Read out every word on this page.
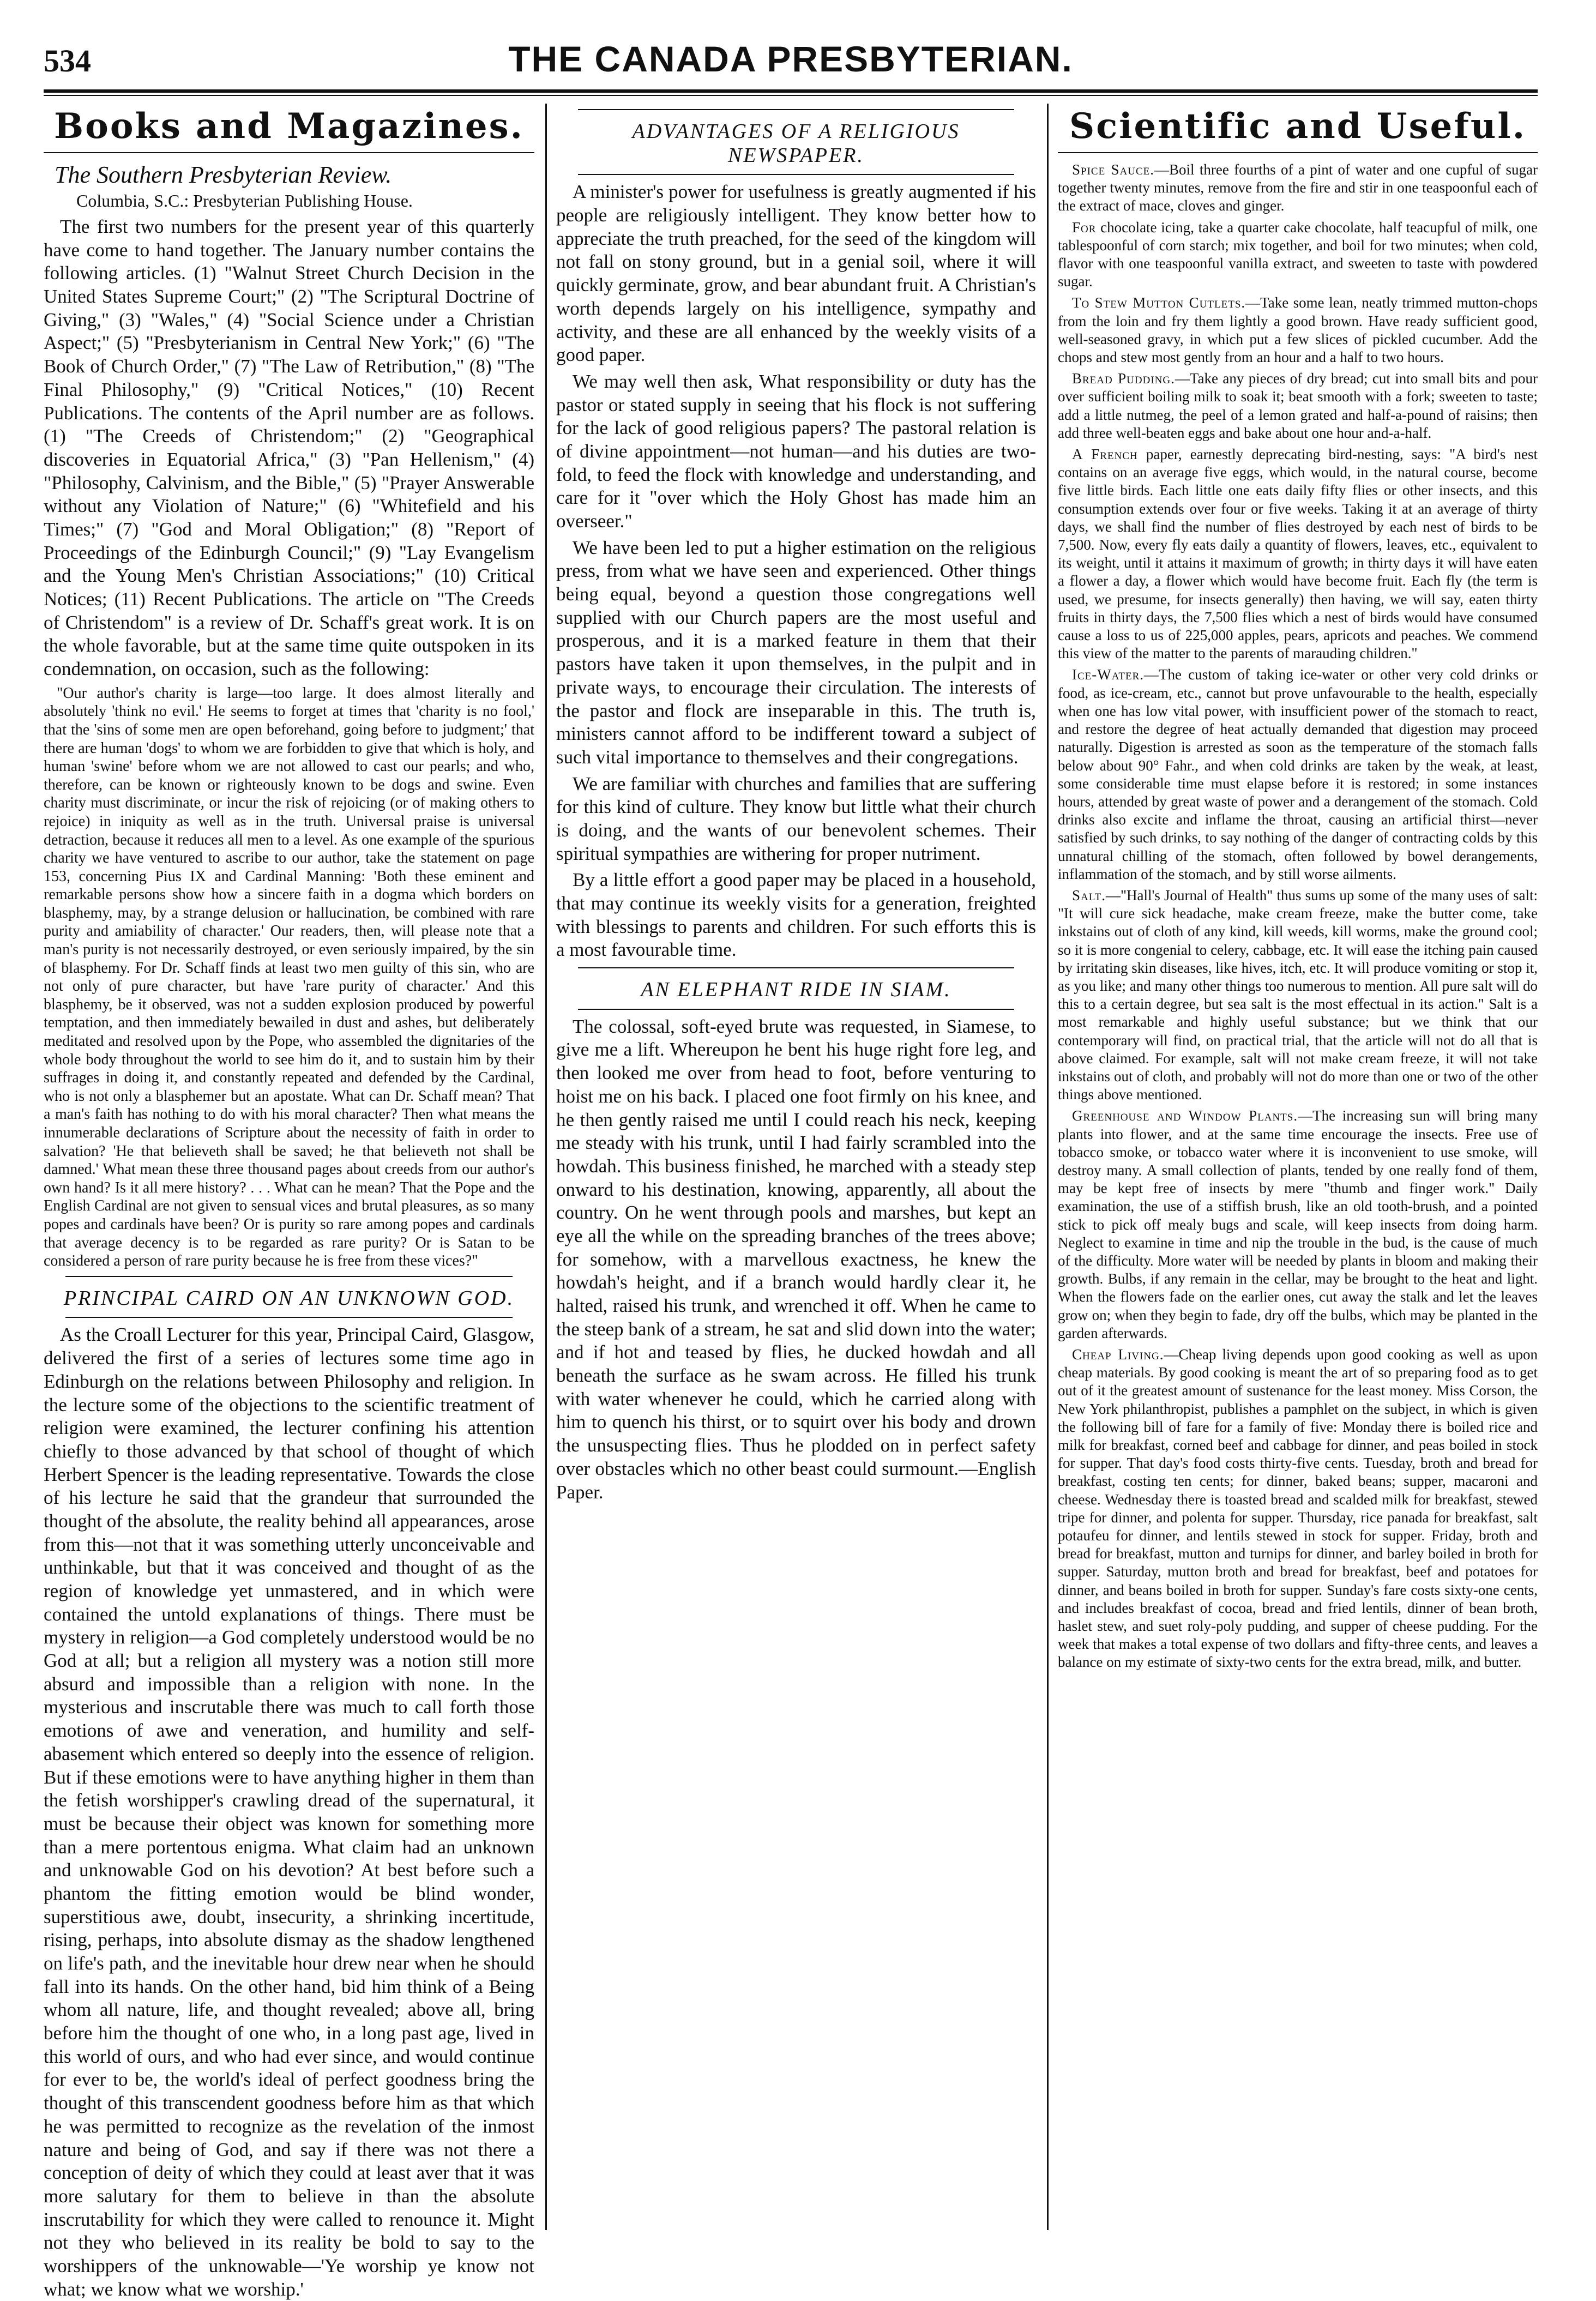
534	THE CANADA PRESBYTERIAN.
Books and Magazines.
The Southern Presbyterian Review.
Columbia, S.C.: Presbyterian Publishing House.

The first two numbers for the present year of this quarterly have come to hand together. The January number contains the following articles. (1) "Walnut Street Church Decision in the United States Supreme Court;" (2) "The Scriptural Doctrine of Giving," (3) "Wales," (4) "Social Science under a Christian Aspect;" (5) "Presbyterianism in Central New York;" (6) "The Book of Church Order," (7) "The Law of Retribution," (8) "The Final Philosophy," (9) "Critical Notices," (10) Recent Publications. The contents of the April number are as follows. (1) "The Creeds of Christendom;" (2) "Geographical discoveries in Equatorial Africa," (3) "Pan Hellenism," (4) "Philosophy, Calvinism, and the Bible," (5) "Prayer Answerable without any Violation of Nature;" (6) "Whitefield and his Times;" (7) "God and Moral Obligation;" (8) "Report of Proceedings of the Edinburgh Council;" (9) "Lay Evangelism and the Young Men's Christian Associations;" (10) Critical Notices; (11) Recent Publications. The article on "The Creeds of Christendom" is a review of Dr. Schaff's great work. It is on the whole favorable, but at the same time quite outspoken in its condemnation, on occasion, such as the following:

"Our author's charity is large—too large. It does almost literally and absolutely 'think no evil.' He seems to forget at times that 'charity is no fool,' that the 'sins of some men are open beforehand, going before to judgment;' that there are human 'dogs' to whom we are forbidden to give that which is holy, and human 'swine' before whom we are not allowed to cast our pearls; and who, therefore, can be known or righteously known to be dogs and swine. Even charity must discriminate, or incur the risk of rejoicing (or of making others to rejoice) in iniquity as well as in the truth. Universal praise is universal detraction, because it reduces all men to a level. As one example of the spurious charity we have ventured to ascribe to our author, take the statement on page 153, concerning Pius IX and Cardinal Manning: 'Both these eminent and remarkable persons show how a sincere faith in a dogma which borders on blasphemy, may, by a strange delusion or hallucination, be combined with rare purity and amiability of character.' Our readers, then, will please note that a man's purity is not necessarily destroyed, or even seriously impaired, by the sin of blasphemy. For Dr. Schaff finds at least two men guilty of this sin, who are not only of pure character, but have 'rare purity of character.' And this blasphemy, be it observed, was not a sudden explosion produced by powerful temptation, and then immediately bewailed in dust and ashes, but deliberately meditated and resolved upon by the Pope, who assembled the dignitaries of the whole body throughout the world to see him do it, and to sustain him by their suffrages in doing it, and constantly repeated and defended by the Cardinal, who is not only a blasphemer but an apostate. What can Dr. Schaff mean? That a man's faith has nothing to do with his moral character? Then what means the innumerable declarations of Scripture about the necessity of faith in order to salvation? 'He that believeth shall be saved; he that believeth not shall be damned.' What mean these three thousand pages about creeds from our author's own hand? Is it all mere history? . . . What can he mean? That the Pope and the English Cardinal are not given to sensual vices and brutal pleasures, as so many popes and cardinals have been? Or is purity so rare among popes and cardinals that average decency is to be regarded as rare purity? Or is Satan to be considered a person of rare purity because he is free from these vices?"

PRINCIPAL CAIRD ON AN UNKNOWN GOD.

As the Croall Lecturer for this year, Principal Caird, Glasgow, delivered the first of a series of lectures some time ago in Edinburgh on the relations between Philosophy and religion. In the lecture some of the objections to the scientific treatment of religion were examined, the lecturer confining his attention chiefly to those advanced by that school of thought of which Herbert Spencer is the leading representative. Towards the close of his lecture he said that the grandeur that surrounded the thought of the absolute, the reality behind all appearances, arose from this—not that it was something utterly unconceivable and unthinkable, but that it was conceived and thought of as the region of knowledge yet unmastered, and in which were contained the untold explanations of things. There must be mystery in religion—a God completely understood would be no God at all; but a religion all mystery was a notion still more absurd and impossible than a religion with none. In the mysterious and inscrutable there was much to call forth those emotions of awe and veneration, and humility and self-abasement which entered so deeply into the essence of religion. But if these emotions were to have anything higher in them than the fetish worshipper's crawling dread of the supernatural, it must be because their object was known for something more than a mere portentous enigma. What claim had an unknown and unknowable God on his devotion? At best before such a phantom the fitting emotion would be blind wonder, superstitious awe, doubt, insecurity, a shrinking incertitude, rising, perhaps, into absolute dismay as the shadow lengthened on life's path, and the inevitable hour drew near when he should fall into its hands. On the other hand, bid him think of a Being whom all nature, life, and thought revealed; above all, bring before him the thought of one who, in a long past age, lived in this world of ours, and who had ever since, and would continue for ever to be, the world's ideal of perfect goodness bring the thought of this transcendent goodness before him as that which he was permitted to recognize as the revelation of the inmost nature and being of God, and say if there was not there a conception of deity of which they could at least aver that it was more salutary for them to believe in than the absolute inscrutability for which they were called to renounce it. Might not they who believed in its reality be bold to say to the worshippers of the unknowable—'Ye worship ye know not what; we know what we worship.'

ADVANTAGES OF A RELIGIOUS NEWSPAPER.

A minister's power for usefulness is greatly augmented if his people are religiously intelligent. They know better how to appreciate the truth preached, for the seed of the kingdom will not fall on stony ground, but in a genial soil, where it will quickly germinate, grow, and bear abundant fruit. A Christian's worth depends largely on his intelligence, sympathy and activity, and these are all enhanced by the weekly visits of a good paper.

We may well then ask, What responsibility or duty has the pastor or stated supply in seeing that his flock is not suffering for the lack of good religious papers? The pastoral relation is of divine appointment—not human—and his duties are two-fold, to feed the flock with knowledge and understanding, and care for it "over which the Holy Ghost has made him an overseer."

We have been led to put a higher estimation on the religious press, from what we have seen and experienced. Other things being equal, beyond a question those congregations well supplied with our Church papers are the most useful and prosperous, and it is a marked feature in them that their pastors have taken it upon themselves, in the pulpit and in private ways, to encourage their circulation. The interests of the pastor and flock are inseparable in this. The truth is, ministers cannot afford to be indifferent toward a subject of such vital importance to themselves and their congregations.

We are familiar with churches and families that are suffering for this kind of culture. They know but little what their church is doing, and the wants of our benevolent schemes. Their spiritual sympathies are withering for proper nutriment.

By a little effort a good paper may be placed in a household, that may continue its weekly visits for a generation, freighted with blessings to parents and children. For such efforts this is a most favourable time.

AN ELEPHANT RIDE IN SIAM.

The colossal, soft-eyed brute was requested, in Siamese, to give me a lift. Whereupon he bent his huge right fore leg, and then looked me over from head to foot, before venturing to hoist me on his back. I placed one foot firmly on his knee, and he then gently raised me until I could reach his neck, keeping me steady with his trunk, until I had fairly scrambled into the howdah. This business finished, he marched with a steady step onward to his destination, knowing, apparently, all about the country. On he went through pools and marshes, but kept an eye all the while on the spreading branches of the trees above; for somehow, with a marvellous exactness, he knew the howdah's height, and if a branch would hardly clear it, he halted, raised his trunk, and wrenched it off. When he came to the steep bank of a stream, he sat and slid down into the water; and if hot and teased by flies, he ducked howdah and all beneath the surface as he swam across. He filled his trunk with water whenever he could, which he carried along with him to quench his thirst, or to squirt over his body and drown the unsuspecting flies. Thus he plodded on in perfect safety over obstacles which no other beast could surmount.—English Paper.

Scientific and Useful.

Spice Sauce.—Boil three fourths of a pint of water and one cupful of sugar together twenty minutes, remove from the fire and stir in one teaspoonful each of the extract of mace, cloves and ginger.

For chocolate icing, take a quarter cake chocolate, half teacupful of milk, one tablespoonful of corn starch; mix together, and boil for two minutes; when cold, flavor with one teaspoonful vanilla extract, and sweeten to taste with powdered sugar.

To Stew Mutton Cutlets.—Take some lean, neatly trimmed mutton-chops from the loin and fry them lightly a good brown. Have ready sufficient good, well-seasoned gravy, in which put a few slices of pickled cucumber. Add the chops and stew most gently from an hour and a half to two hours.

Bread Pudding.—Take any pieces of dry bread; cut into small bits and pour over sufficient boiling milk to soak it; beat smooth with a fork; sweeten to taste; add a little nutmeg, the peel of a lemon grated and half-a-pound of raisins; then add three well-beaten eggs and bake about one hour and-a-half.

A French paper, earnestly deprecating bird-nesting, says: "A bird's nest contains on an average five eggs, which would, in the natural course, become five little birds. Each little one eats daily fifty flies or other insects, and this consumption extends over four or five weeks. Taking it at an average of thirty days, we shall find the number of flies destroyed by each nest of birds to be 7,500. Now, every fly eats daily a quantity of flowers, leaves, etc., equivalent to its weight, until it attains it maximum of growth; in thirty days it will have eaten a flower a day, a flower which would have become fruit. Each fly (the term is used, we presume, for insects generally) then having, we will say, eaten thirty fruits in thirty days, the 7,500 flies which a nest of birds would have consumed cause a loss to us of 225,000 apples, pears, apricots and peaches. We commend this view of the matter to the parents of marauding children."

Ice-Water.—The custom of taking ice-water or other very cold drinks or food, as ice-cream, etc., cannot but prove unfavourable to the health, especially when one has low vital power, with insufficient power of the stomach to react, and restore the degree of heat actually demanded that digestion may proceed naturally. Digestion is arrested as soon as the temperature of the stomach falls below about 90° Fahr., and when cold drinks are taken by the weak, at least, some considerable time must elapse before it is restored; in some instances hours, attended by great waste of power and a derangement of the stomach. Cold drinks also excite and inflame the throat, causing an artificial thirst—never satisfied by such drinks, to say nothing of the danger of contracting colds by this unnatural chilling of the stomach, often followed by bowel derangements, inflammation of the stomach, and by still worse ailments.

Salt.—"Hall's Journal of Health" thus sums up some of the many uses of salt: "It will cure sick headache, make cream freeze, make the butter come, take inkstains out of cloth of any kind, kill weeds, kill worms, make the ground cool; so it is more congenial to celery, cabbage, etc. It will ease the itching pain caused by irritating skin diseases, like hives, itch, etc. It will produce vomiting or stop it, as you like; and many other things too numerous to mention. All pure salt will do this to a certain degree, but sea salt is the most effectual in its action." Salt is a most remarkable and highly useful substance; but we think that our contemporary will find, on practical trial, that the article will not do all that is above claimed. For example, salt will not make cream freeze, it will not take inkstains out of cloth, and probably will not do more than one or two of the other things above mentioned.

Greenhouse and Window Plants.—The increasing sun will bring many plants into flower, and at the same time encourage the insects. Free use of tobacco smoke, or tobacco water where it is inconvenient to use smoke, will destroy many. A small collection of plants, tended by one really fond of them, may be kept free of insects by mere "thumb and finger work." Daily examination, the use of a stiffish brush, like an old tooth-brush, and a pointed stick to pick off mealy bugs and scale, will keep insects from doing harm. Neglect to examine in time and nip the trouble in the bud, is the cause of much of the difficulty. More water will be needed by plants in bloom and making their growth. Bulbs, if any remain in the cellar, may be brought to the heat and light. When the flowers fade on the earlier ones, cut away the stalk and let the leaves grow on; when they begin to fade, dry off the bulbs, which may be planted in the garden afterwards.

Cheap Living.—Cheap living depends upon good cooking as well as upon cheap materials. By good cooking is meant the art of so preparing food as to get out of it the greatest amount of sustenance for the least money. Miss Corson, the New York philanthropist, publishes a pamphlet on the subject, in which is given the following bill of fare for a family of five: Monday there is boiled rice and milk for breakfast, corned beef and cabbage for dinner, and peas boiled in stock for supper. That day's food costs thirty-five cents. Tuesday, broth and bread for breakfast, costing ten cents; for dinner, baked beans; supper, macaroni and cheese. Wednesday there is toasted bread and scalded milk for breakfast, stewed tripe for dinner, and polenta for supper. Thursday, rice panada for breakfast, salt potaufeu for dinner, and lentils stewed in stock for supper. Friday, broth and bread for breakfast, mutton and turnips for dinner, and barley boiled in broth for supper. Saturday, mutton broth and bread for breakfast, beef and potatoes for dinner, and beans boiled in broth for supper. Sunday's fare costs sixty-one cents, and includes breakfast of cocoa, bread and fried lentils, dinner of bean broth, haslet stew, and suet roly-poly pudding, and supper of cheese pudding. For the week that makes a total expense of two dollars and fifty-three cents, and leaves a balance on my estimate of sixty-two cents for the extra bread, milk, and butter.
